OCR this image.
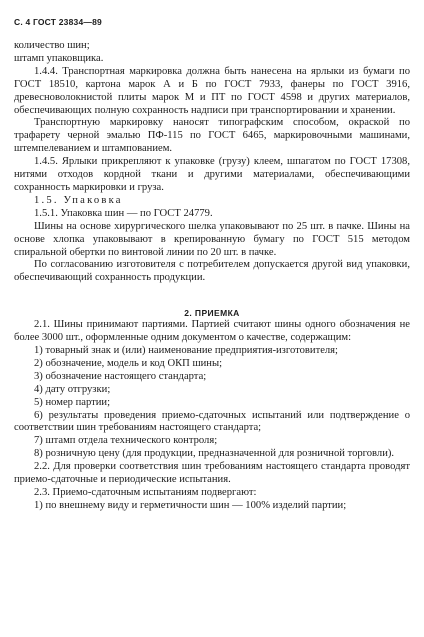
С. 4 ГОСТ 23834—89

количество шин;

штамп упаковщика.

1.4.4. Транспортная маркировка должна быть нанесена на ярлыки из бумаги по ГОСТ 18510, картона марок А и Б по ГОСТ 7933, фанеры по ГОСТ 3916, древесноволокнистой плиты марок М и ПТ по ГОСТ 4598 и других материалов, обеспечивающих полную сохранность надписи при транспортировании и хранении.

Транспортную маркировку наносят типографским способом, окраской по трафарету черной эмалью ПФ-115 по ГОСТ 6465, маркировочными машинами, штемпелеванием и штампованием.

1.4.5. Ярлыки прикрепляют к упаковке (грузу) клеем, шпагатом по ГОСТ 17308, нитями отходов кордной ткани и другими материалами, обеспечивающими сохранность маркировки и груза.

1.5. Упаковка

1.5.1. Упаковка шин — по ГОСТ 24779.

Шины на основе хирургического шелка упаковывают по 25 шт. в пачке. Шины на основе хлопка упаковывают в крепированную бумагу по ГОСТ 515 методом спиральной обертки по винтовой линии по 20 шт. в пачке.

По согласованию изготовителя с потребителем допускается другой вид упаковки, обеспечивающий сохранность продукции.

2. ПРИЕМКА

2.1. Шины принимают партиями. Партией считают шины одного обозначения не более 3000 шт., оформленные одним документом о качестве, содержащим:

1) товарный знак и (или) наименование предприятия-изготовителя;

2) обозначение, модель и код ОКП шины;

3) обозначение настоящего стандарта;

4) дату отгрузки;

5) номер партии;

6) результаты проведения приемо-сдаточных испытаний или подтверждение о соответствии шин требованиям настоящего стандарта;

7) штамп отдела технического контроля;

8) розничную цену (для продукции, предназначенной для розничной торговли).

2.2. Для проверки соответствия шин требованиям настоящего стандарта проводят приемо-сдаточные и периодические испытания.

2.3. Приемо-сдаточным испытаниям подвергают:

1) по внешнему виду и герметичности шин — 100% изделий партии;
